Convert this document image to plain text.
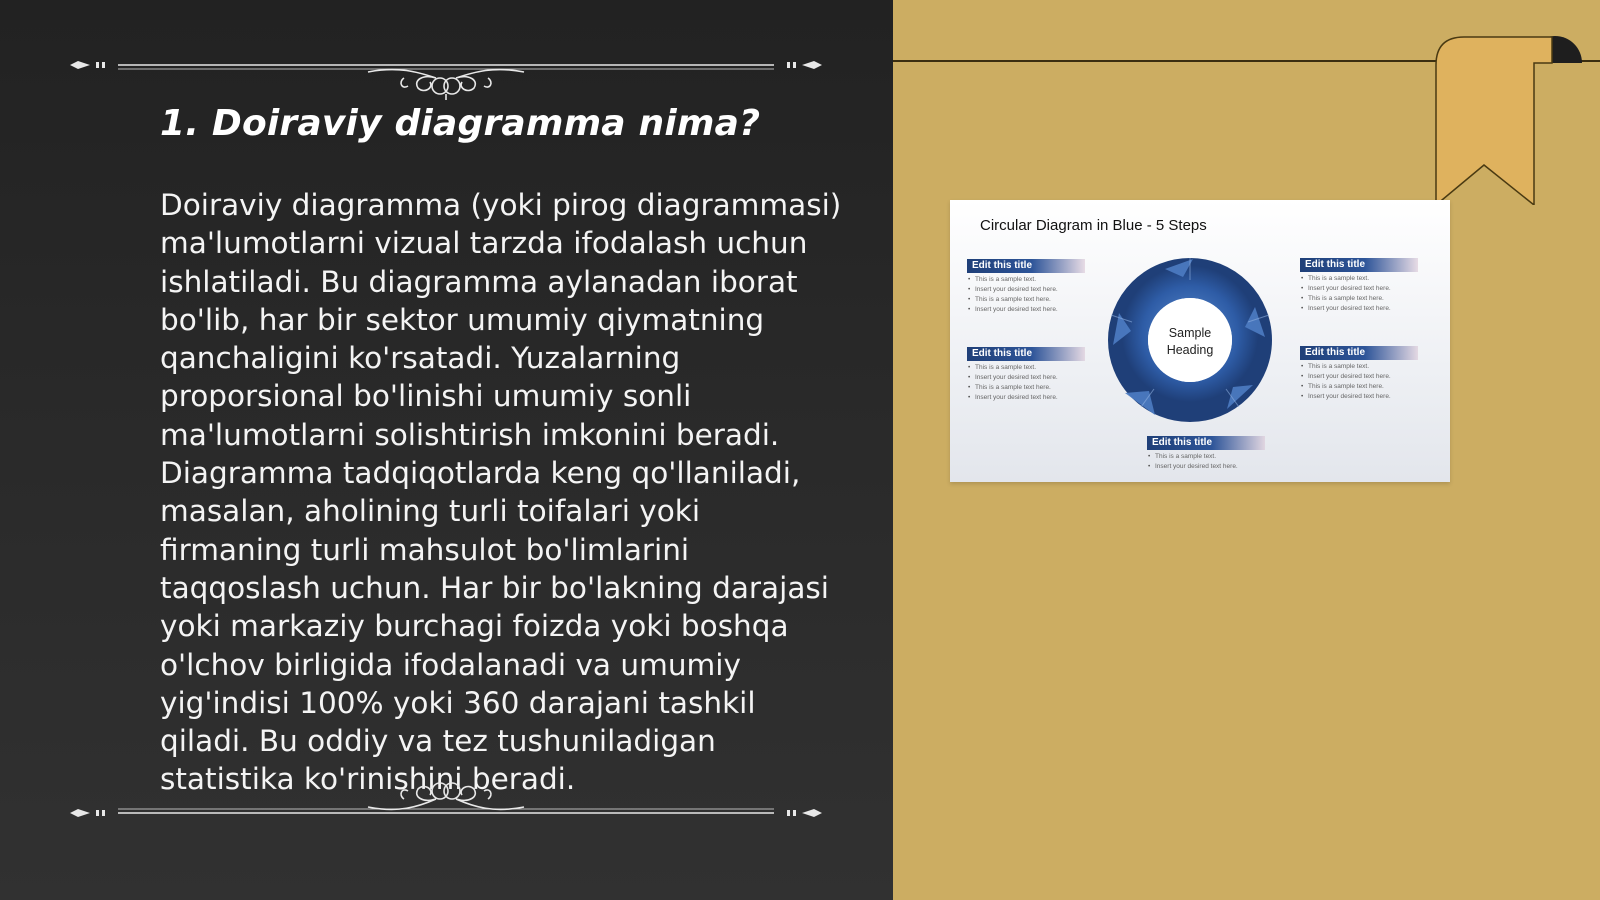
1. Doiraviy diagramma nima?

Doiraviy diagramma (yoki pirog diagrammasi) ma'lumotlarni vizual tarzda ifodalash uchun ishlatiladi. Bu diagramma aylanadan iborat bo'lib, har bir sektor umumiy qiymatning qanchaligini ko'rsatadi. Yuzalarning proporsional bo'linishi umumiy sonli ma'lumotlarni solishtirish imkonini beradi. Diagramma tadqiqotlarda keng qo'llaniladi, masalan, aholining turli toifalari yoki firmaning turli mahsulot bo'limlarini taqqoslash uchun. Har bir bo'lakning darajasi yoki markaziy burchagi foizda yoki boshqa o'lchov birligida ifodalanadi va umumiy yig'indisi 100% yoki 360 darajani tashkil qiladi. Bu oddiy va tez tushuniladigan statistika ko'rinishini beradi.

Circular Diagram in Blue - 5 Steps
Edit this title
• This is a sample text.
• Insert your desired text here.
• This is a sample text here.
• Insert your desired text here.
Edit this title
• This is a sample text.
• Insert your desired text here.
• This is a sample text here.
• Insert your desired text here.
Edit this title
• This is a sample text.
• Insert your desired text here.
• This is a sample text here.
• Insert your desired text here.
Edit this title
• This is a sample text.
• Insert your desired text here.
• This is a sample text here.
• Insert your desired text here.
Edit this title
• This is a sample text.
• Insert your desired text here.
Sample
Heading
